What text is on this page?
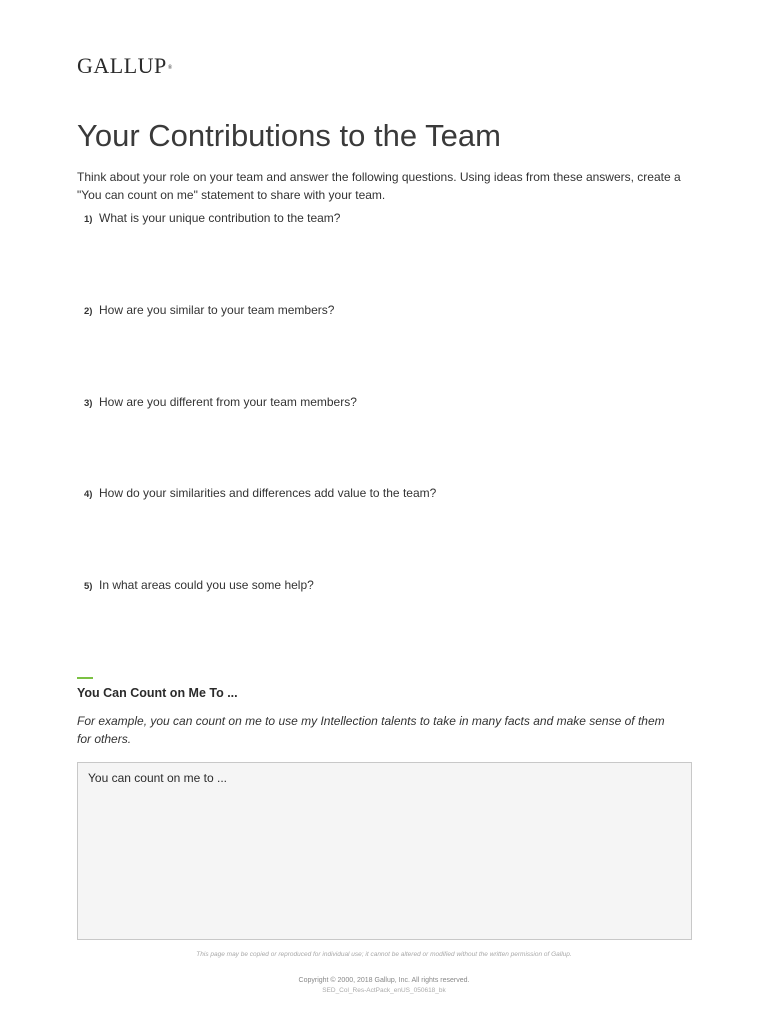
GALLUP®
Your Contributions to the Team

Think about your role on your team and answer the following questions. Using ideas from these answers, create a "You can count on me" statement to share with your team.

1) What is your unique contribution to the team?
2) How are you similar to your team members?
3) How are you different from your team members?
4) How do your similarities and differences add value to the team?
5) In what areas could you use some help?
You Can Count on Me To ...

For example, you can count on me to use my Intellection talents to take in many facts and make sense of them for others.

You can count on me to ...
This page may be copied or reproduced for individual use; it cannot be altered or modified without the written permission of Gallup.
Copyright © 2000, 2018 Gallup, Inc. All rights reserved.
SED_Col_Res-ActPack_enUS_050618_bk
